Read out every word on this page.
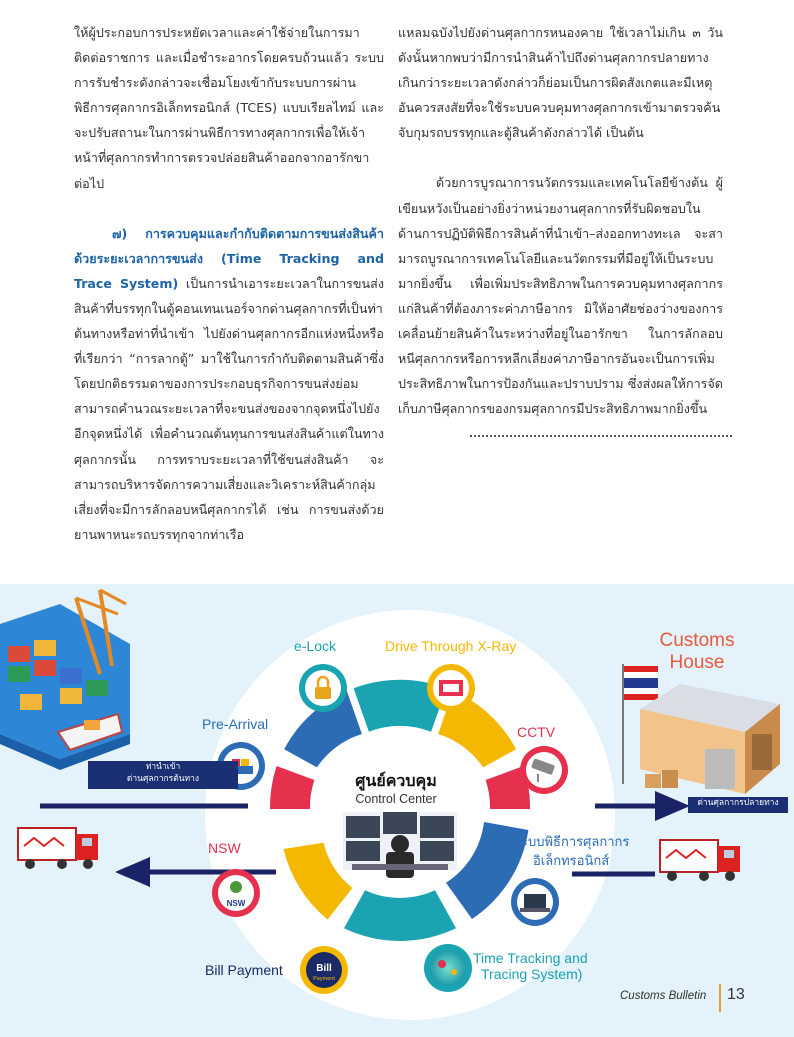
ให้ผู้ประกอบการประหยัดเวลาและค่าใช้จ่ายในการมาติดต่อราชการ และเมื่อชำระอากรโดยครบถ้วนแล้ว ระบบการรับชำระดังกล่าวจะเชื่อมโยงเข้ากับระบบการผ่านพิธีการศุลกากรอิเล็กทรอนิกส์ (TCES) แบบเรียลไทม์ และจะปรับสถานะในการผ่านพิธีการทางศุลกากรเพื่อให้เจ้าหน้าที่ศุลกากรทำการตรวจปล่อยสินค้าออกจากอารักขาต่อไป
๗) การควบคุมและกำกับติดตามการขนส่งสินค้าด้วยระยะเวลาการขนส่ง (Time Tracking and Trace System) เป็นการนำเอาระยะเวลาในการขนส่งสินค้าที่บรรทุกในตู้คอนเทนเนอร์จากด่านศุลกากรที่เป็นท่าต้นทางหรือท่าที่นำเข้า ไปยังด่านศุลกากรอีกแห่งหนึ่งหรือที่เรียกว่า “การลากตู้” มาใช้ในการกำกับติดตามสินค้าซึ่งโดยปกติธรรมดาของการประกอบธุรกิจการขนส่งย่อมสามารถคำนวณระยะเวลาที่จะขนส่งของจากจุดหนึ่งไปยังอีกจุดหนึ่งได้ เพื่อคำนวณต้นทุนการขนส่งสินค้าแต่ในทางศุลกากรนั้น การทราบระยะเวลาที่ใช้ขนส่งสินค้า จะสามารถบริหารจัดการความเสี่ยงและวิเคราะห์สินค้ากลุ่มเสี่ยงที่จะมีการลักลอบหนีศุลกากรได้ เช่น การขนส่งด้วยยานพาหนะรถบรรทุกจากท่าเรือ
แหลมฉบังไปยังด่านศุลกากรหนองคาย ใช้เวลาไม่เกิน ๓ วัน ดังนั้นหากพบว่ามีการนำสินค้าไปถึงด่านศุลกากรปลายทางเกินกว่าระยะเวลาดังกล่าวก็ย่อมเป็นการผิดสังเกตและมีเหตุอันควรสงสัยที่จะใช้ระบบควบคุมทางศุลกากรเข้ามาตรวจค้นจับกุมรถบรรทุกและตู้สินค้าดังกล่าวได้ เป็นต้น
ด้วยการบูรณาการนวัตกรรมและเทคโนโลยีข้างต้น ผู้เขียนหวังเป็นอย่างยิ่งว่าหน่วยงานศุลกากรที่รับผิดชอบในด้านการปฏิบัติพิธีการสินค้าที่นำเข้า–ส่งออกทางทะเล จะสามารถบูรณาการเทคโนโลยีและนวัตกรรมที่มีอยู่ให้เป็นระบบมากยิ่งขึ้น เพื่อเพิ่มประสิทธิภาพในการควบคุมทางศุลกากรแก่สินค้าที่ต้องภาระค่าภาษีอากร มิให้อาศัยช่องว่างของการเคลื่อนย้ายสินค้าในระหว่างที่อยู่ในอารักขา ในการลักลอบหนีศุลกากรหรือการหลีกเลี่ยงค่าภาษีอากรอันจะเป็นการเพิ่มประสิทธิภาพในการป้องกันและปราบปราม ซึ่งส่งผลให้การจัดเก็บภาษีศุลกากรของกรมศุลกากรมีประสิทธิภาพมากยิ่งขึ้น
NSW
Bill
Payment
e-Lock	Drive Through X-Ray
Pre-Arrival	CCTV
NSW	ระบบพิธีการศุลกากร
อิเล็กทรอนิกส์
Bill Payment
Time Tracking and
Tracing System)
ศูนย์ควบคุม
Control Center
Customs House
ท่านำเข้า
ด่านศุลกากรต้นทาง
ด่านศุลกากรปลายทาง
Customs Bulletin 13
